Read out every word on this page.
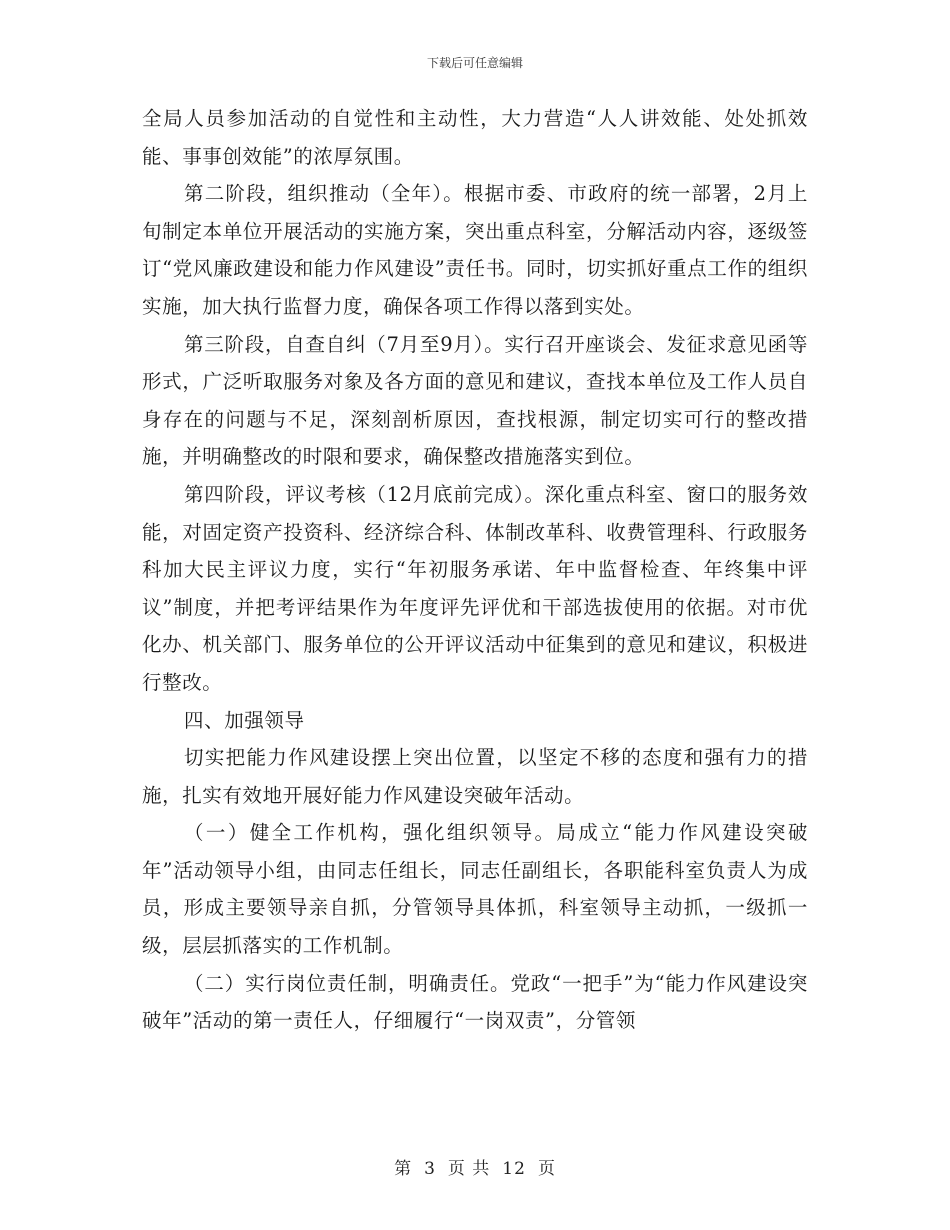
下载后可任意编辑

全局人员参加活动的自觉性和主动性，大力营造“人人讲效能、处处抓效能、事事创效能”的浓厚氛围。

第二阶段，组织推动（全年）。根据市委、市政府的统一部署，2月上旬制定本单位开展活动的实施方案，突出重点科室，分解活动内容，逐级签订“党风廉政建设和能力作风建设”责任书。同时，切实抓好重点工作的组织实施，加大执行监督力度，确保各项工作得以落到实处。

第三阶段，自查自纠（7月至9月）。实行召开座谈会、发征求意见函等形式，广泛听取服务对象及各方面的意见和建议，查找本单位及工作人员自身存在的问题与不足，深刻剖析原因，查找根源，制定切实可行的整改措施，并明确整改的时限和要求，确保整改措施落实到位。

第四阶段，评议考核（12月底前完成）。深化重点科室、窗口的服务效能，对固定资产投资科、经济综合科、体制改革科、收费管理科、行政服务科加大民主评议力度，实行“年初服务承诺、年中监督检查、年终集中评议”制度，并把考评结果作为年度评先评优和干部选拔使用的依据。对市优化办、机关部门、服务单位的公开评议活动中征集到的意见和建议，积极进行整改。

四、加强领导

切实把能力作风建设摆上突出位置，以坚定不移的态度和强有力的措施，扎实有效地开展好能力作风建设突破年活动。

（一）健全工作机构，强化组织领导。局成立“能力作风建设突破年”活动领导小组，由同志任组长，同志任副组长，各职能科室负责人为成员，形成主要领导亲自抓，分管领导具体抓，科室领导主动抓，一级抓一级，层层抓落实的工作机制。

（二）实行岗位责任制，明确责任。党政“一把手”为“能力作风建设突破年”活动的第一责任人，仔细履行“一岗双责”，分管领

第 3 页 共 12 页
